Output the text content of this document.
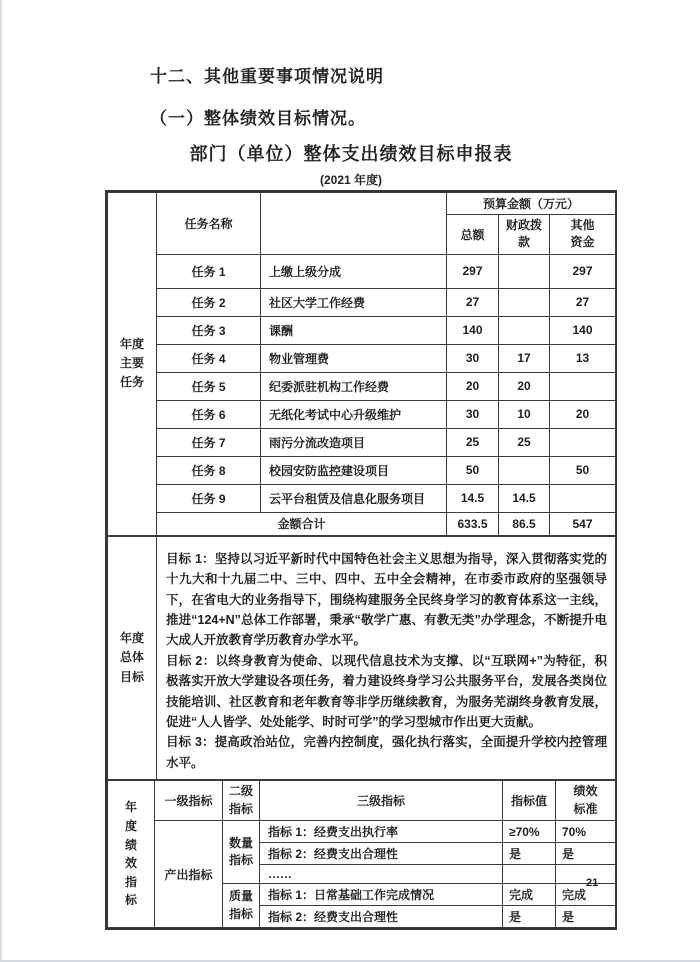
十二、其他重要事项情况说明
（一）整体绩效目标情况。
部门（单位）整体支出绩效目标申报表
(2021 年度)
年度主要任务	任务名称		预算金额（万元）		
			总额	财政拨款	其他资金
	任务 1	上缴上级分成	297		297
	任务 2	社区大学工作经费	27		27
	任务 3	课酬	140		140
	任务 4	物业管理费	30	17	13
	任务 5	纪委派驻机构工作经费	20	20	
	任务 6	无纸化考试中心升级维护	30	10	20
	任务 7	雨污分流改造项目	25	25	
	任务 8	校园安防监控建设项目	50		50
	任务 9	云平台租赁及信息化服务项目	14.5	14.5	
	金额合计		633.5	86.5	547
年度总体目标	

目标 1：坚持以习近平新时代中国特色社会主义思想为指导，深入贯彻落实党的十九大和十九届二中、三中、四中、五中全会精神，在市委市政府的坚强领导下，在省电大的业务指导下，围绕构建服务全民终身学习的教育体系这一主线，推进“124+N”总体工作部署，秉承“敬学广惠、有教无类”办学理念，不断提升电大成人开放教育学历教育办学水平。

目标 2：以终身教育为使命、以现代信息技术为支撑、以“互联网+”为特征，积极落实开放大学建设各项任务，着力建设终身学习公共服务平台，发展各类岗位技能培训、社区教育和老年教育等非学历继续教育，为服务芜湖终身教育发展，促进“人人皆学、处处能学、时时可学”的学习型城市作出更大贡献。

目标 3：提高政治站位，完善内控制度，强化执行落实，全面提升学校内控管理水平。

年度绩效指标	一级指标	二级指标	三级指标	指标值	绩效标准
	产出指标	数量指标	指标 1：经费支出执行率	≥70%	70%
			指标 2：经费支出合理性	是	是
			……		
		质量指标	指标 1：日常基础工作完成情况	完成	完成
			指标 2：经费支出合理性	是	是
21
